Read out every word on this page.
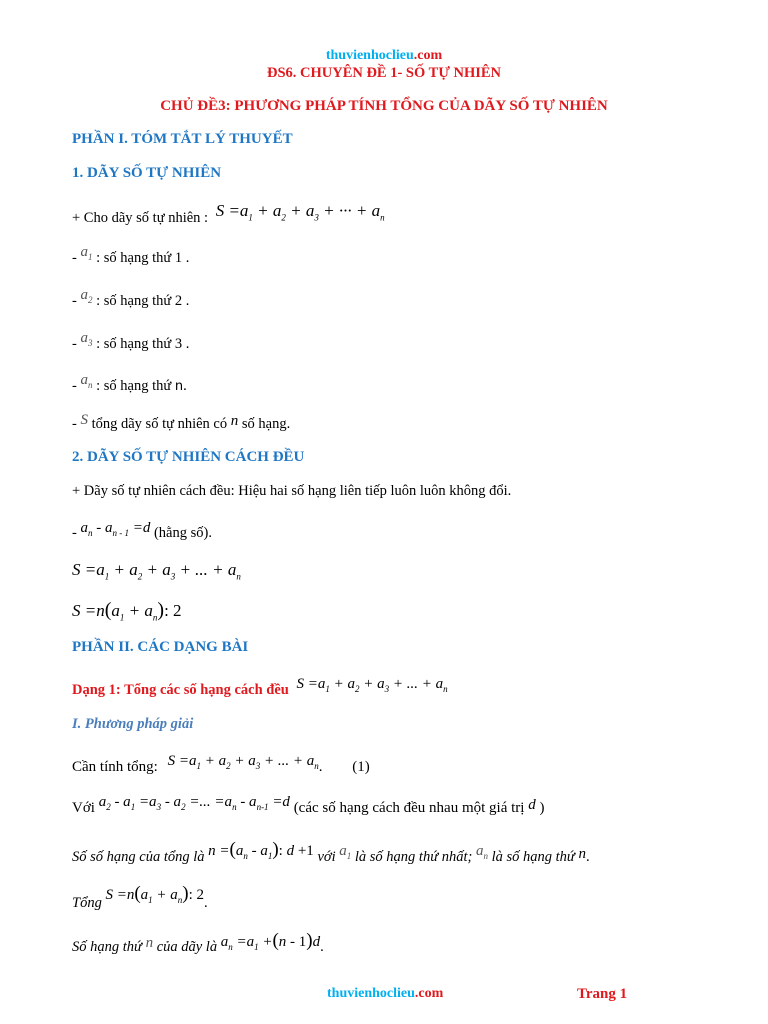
thuvienhoclieu.com
ĐS6. CHUYÊN ĐỀ 1- SỐ TỰ NHIÊN
CHỦ ĐỀ3: PHƯƠNG PHÁP TÍNH TỔNG CỦA DÃY SỐ TỰ NHIÊN
PHẦN I. TÓM TẮT LÝ THUYẾT
1. DÃY SỐ TỰ NHIÊN
+ Cho dãy số tự nhiên : $S =a_1 + a_2 + a_3$ + ··· + $a_n$
- $a_1$ : số hạng thứ 1 .
- $a_2$ : số hạng thứ 2 .
- $a_3$ : số hạng thứ 3 .
- $a_n$ : số hạng thứ n.
- S tổng dãy số tự nhiên có n số hạng.
2. DÃY SỐ TỰ NHIÊN CÁCH ĐỀU
+ Dãy số tự nhiên cách đều: Hiệu hai số hạng liên tiếp luôn luôn không đổi.
- $a_n - a_{n - 1} =d$ (hằng số).
$S =a_1 + a_2 + a_3$ + ... + $a_n$
$S =n(a_1 + a_n)$: 2
PHẦN II. CÁC DẠNG BÀI
Dạng 1: Tổng các số hạng cách đều $S =a_1 + a_2 + a_3$ + ... + $a_n$
I. Phương pháp giải
Cần tính tổng: $S =a_1 + a_2 + a_3$ + ... + $a_n$. (1)
Với $a_2 - a_1 =a_3 - a_2$ =... $=a_n - a_{n-1} =d$ (các số hạng cách đều nhau một giá trị d )
Số số hạng của tổng là $n =(a_n - a_1)$: d +1 với $a_1$ là số hạng thứ nhất; $a_n$ là số hạng thứ n.
Tổng $S =n(a_1 + a_n)$: 2.
Số hạng thứ n của dãy là $a_n =a_1 +(n - 1)d$.
thuvienhoclieu.com	Trang 1
